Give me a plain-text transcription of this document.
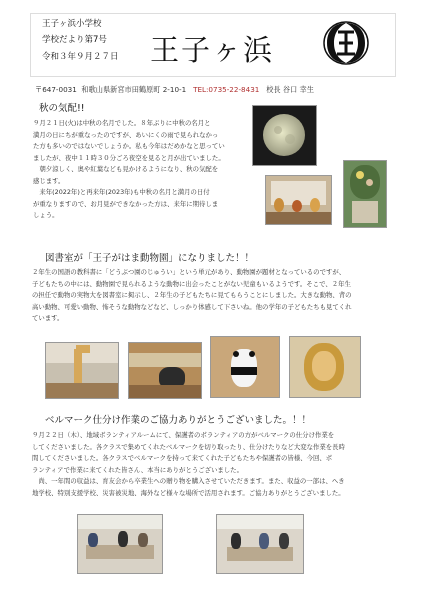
王子ヶ浜小学校
学校だより第7号
令和３年９月２７日 王子ヶ浜
〒647-0031 和歌山県新宮市田鶴原町 2-10-1 TEL:0735-22-8431 校長 谷口 幸生
秋の気配!!
９月２１日(火)は中秋の名月でした。８年ぶりに中秋の名月と
満月の日にちが重なったのですが、あいにくの雨で見られなかっ
た方も多いのではないでしょうか。私も今年はだめかなと思ってい
ましたが、夜中１１時３０分ごろ夜空を見ると月が出ていました。
　朝夕涼しく、奥や紅葉なども見かけるようになり、秋の気配を
感じます。
　来年(2022年)と再来年(2023年)も中秋の名月と満月の日付
が重なりますので、お月見ができなかった方は、来年に期待しま
しょう。
図書室が「王子がはま動物園」になりました！！
２年生の国語の教科書に「どうぶつ園のじゅうい」という単元があり、動物園が題材となっているのですが、
子どもたちの中には、動物園で見られるような動物に出会ったことがない児童もいるようです。そこで、２年生
の担任で動物の実物大を図書室に掲示し、２年生の子どもたちに見てもらうことにしました。大きな動物、背の
高い動物、可愛い動物、怖そうな動物などなど、しっかり体感して下さいね。他の学年の子どもたちも見てくれ
ています。
ベルマーク仕分け作業のご協力ありがとうございました。！！
９月２２日（木）、地域ボランティアルームにて、保護者のボランティアの方がベルマークの仕分け作業を
してくださいました。各クラスで集めてくれたベルマークを切り取ったり、仕分けたりなど大変な作業を長時
間してくださいました。各クラスでベルマークを持って来てくれた子どもたちや保護者の皆様、今回、ボ
ランティアで作業に来てくれた皆さん、本当にありがとうございました。
　尚、一年間の収益は、育友会から卒業生への贈り物を購入させていただきます。また、収益の一部は、へき
地学校、特別支援学校、災害被災地、海外など様々な場所で活用されます。ご協力ありがとうございました。
